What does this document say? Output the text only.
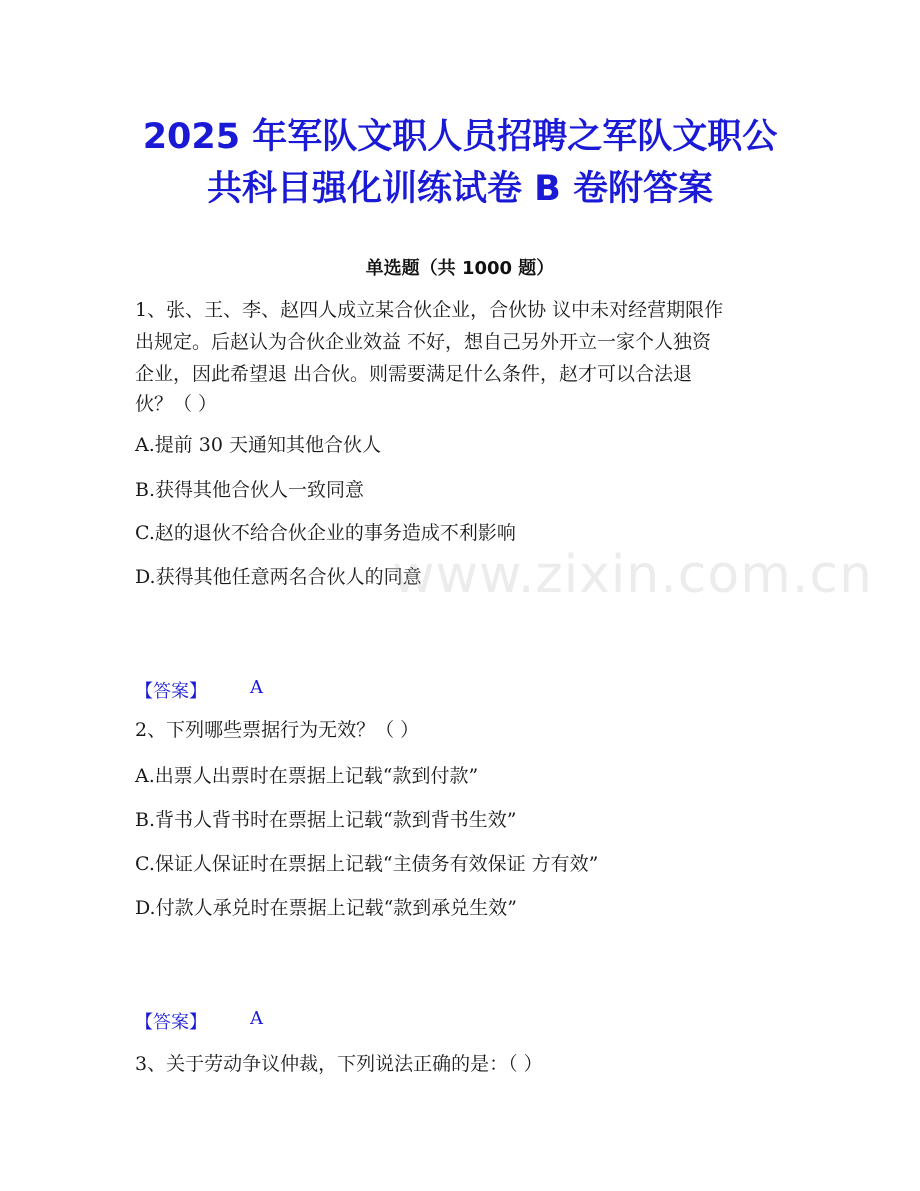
2025 年军队文职人员招聘之军队文职公
共科目强化训练试卷 B 卷附答案
单选题（共 1000 题）
1、张、王、李、赵四人成立某合伙企业，合伙协 议中未对经营期限作
出规定。后赵认为合伙企业效益 不好，想自己另外开立一家个人独资
企业，因此希望退 出合伙。则需要满足什么条件，赵才可以合法退
伙？（ ）
A.提前 30 天通知其他合伙人
B.获得其他合伙人一致同意
C.赵的退伙不给合伙企业的事务造成不利影响
D.获得其他任意两名合伙人的同意
【答案】 A
2、下列哪些票据行为无效？（ ）
A.出票人出票时在票据上记载“款到付款”
B.背书人背书时在票据上记载“款到背书生效”
C.保证人保证时在票据上记载“主债务有效保证 方有效”
D.付款人承兑时在票据上记载“款到承兑生效”
【答案】 A
3、关于劳动争议仲裁，下列说法正确的是：（ ）
www.zixin.com.cn
